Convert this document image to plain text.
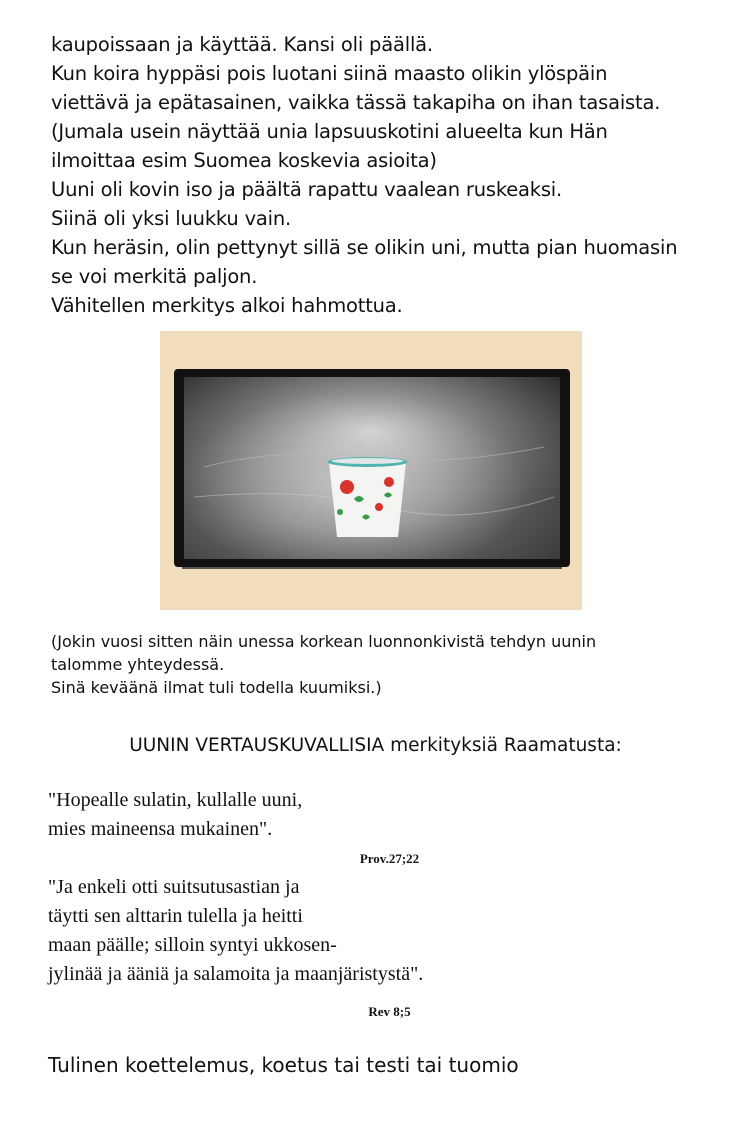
kaupoissaan ja käyttää. Kansi oli päällä.
Kun koira hyppäsi pois luotani siinä maasto olikin ylöspäin
viettävä ja epätasainen, vaikka tässä takapiha on ihan tasaista.
(Jumala usein näyttää unia lapsuuskotini alueelta kun Hän
ilmoittaa esim Suomea koskevia asioita)
Uuni oli kovin iso ja päältä rapattu vaalean ruskeaksi.
Siinä oli yksi luukku vain.
Kun heräsin, olin pettynyt sillä se olikin uni, mutta pian huomasin
se voi merkitä paljon.
Vähitellen merkitys alkoi hahmottua.
(Jokin vuosi sitten näin unessa korkean luonnonkivistä tehdyn uunin
talomme yhteydessä.
Sinä keväänä ilmat tuli todella kuumiksi.)
UUNIN VERTAUSKUVALLISIA merkityksiä Raamatusta:
"Hopealle sulatin, kullalle uuni,
mies maineensa mukainen".
Prov.27;22
"Ja enkeli otti suitsutusastian ja
täytti sen alttarin tulella ja heitti
maan päälle; silloin syntyi ukkosen-
jylinää ja ääniä ja salamoita ja maanjäristystä".
Rev 8;5
Tulinen koettelemus, koetus tai testi tai tuomio
